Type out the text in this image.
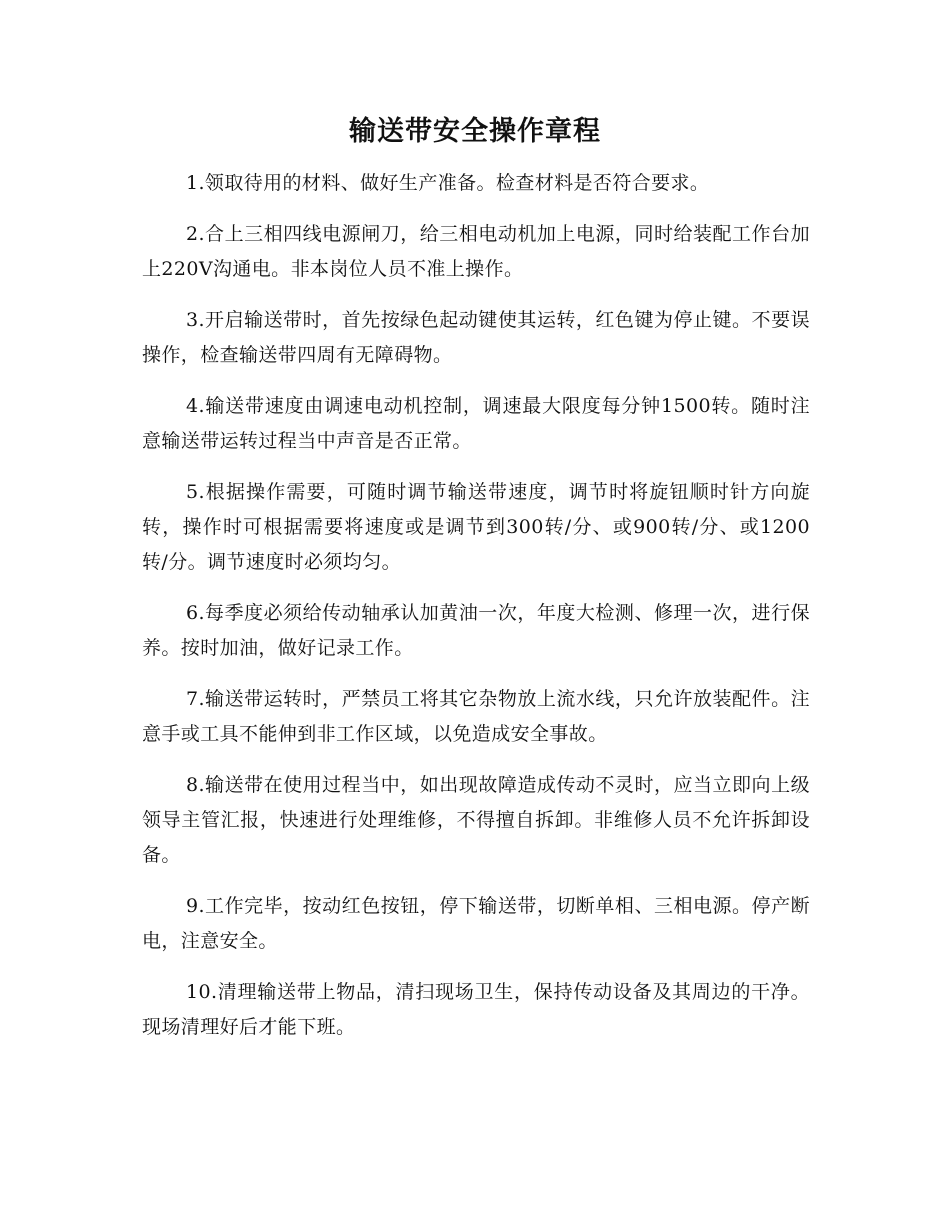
输送带安全操作章程

1.领取待用的材料、做好生产准备。检查材料是否符合要求。

2.合上三相四线电源闸刀，给三相电动机加上电源，同时给装配工作台加上220V沟通电。非本岗位人员不准上操作。

3.开启输送带时，首先按绿色起动键使其运转，红色键为停止键。不要误操作，检查输送带四周有无障碍物。

4.输送带速度由调速电动机控制，调速最大限度每分钟1500转。随时注意输送带运转过程当中声音是否正常。

5.根据操作需要，可随时调节输送带速度，调节时将旋钮顺时针方向旋转，操作时可根据需要将速度或是调节到300转/分、或900转/分、或1200转/分。调节速度时必须均匀。

6.每季度必须给传动轴承认加黄油一次，年度大检测、修理一次，进行保养。按时加油，做好记录工作。

7.输送带运转时，严禁员工将其它杂物放上流水线，只允许放装配件。注意手或工具不能伸到非工作区域，以免造成安全事故。

8.输送带在使用过程当中，如出现故障造成传动不灵时，应当立即向上级领导主管汇报，快速进行处理维修，不得擅自拆卸。非维修人员不允许拆卸设备。

9.工作完毕，按动红色按钮，停下输送带，切断单相、三相电源。停产断电，注意安全。

10.清理输送带上物品，清扫现场卫生，保持传动设备及其周边的干净。现场清理好后才能下班。
